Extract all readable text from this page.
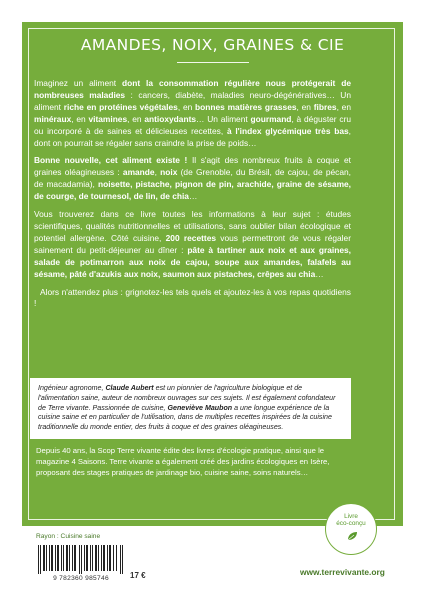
AMANDES, NOIX, GRAINES & CIE

Imaginez un aliment dont la consommation régulière nous protégerait de nombreuses maladies : cancers, diabète, maladies neuro-dégénératives… Un aliment riche en protéines végétales, en bonnes matières grasses, en fibres, en minéraux, en vitamines, en antioxydants… Un aliment gourmand, à déguster cru ou incorporé à de saines et délicieuses recettes, à l'index glycémique très bas, dont on pourrait se régaler sans craindre la prise de poids…

Bonne nouvelle, cet aliment existe ! Il s'agit des nombreux fruits à coque et graines oléagineuses : amande, noix (de Grenoble, du Brésil, de cajou, de pécan, de macadamia), noisette, pistache, pignon de pin, arachide, graine de sésame, de courge, de tournesol, de lin, de chia…

Vous trouverez dans ce livre toutes les informations à leur sujet : études scientifiques, qualités nutritionnelles et utilisations, sans oublier bilan écologique et potentiel allergène. Côté cuisine, 200 recettes vous permettront de vous régaler sainement du petit-déjeuner au dîner : pâte à tartiner aux noix et aux graines, salade de potimarron aux noix de cajou, soupe aux amandes, falafels au sésame, pâté d'azukis aux noix, saumon aux pistaches, crêpes au chia…

Alors n'attendez plus : grignotez-les tels quels et ajoutez-les à vos repas quotidiens !

Ingénieur agronome, Claude Aubert est un pionnier de l'agriculture biologique et de l'alimentation saine, auteur de nombreux ouvrages sur ces sujets. Il est également cofondateur de Terre vivante. Passionnée de cuisine, Geneviève Maubon a une longue expérience de la cuisine saine et en particulier de l'utilisation, dans de multiples recettes inspirées de la cuisine traditionnelle du monde entier, des fruits à coque et des graines oléagineuses.
Depuis 40 ans, la Scop Terre vivante édite des livres d'écologie pratique, ainsi que le magazine 4 Saisons. Terre vivante a également créé des jardins écologiques en Isère, proposant des stages pratiques de jardinage bio, cuisine saine, soins naturels…
Rayon : Cuisine saine
9 782360 985746	17 €
Livre
éco-conçu
www.terrevivante.org
